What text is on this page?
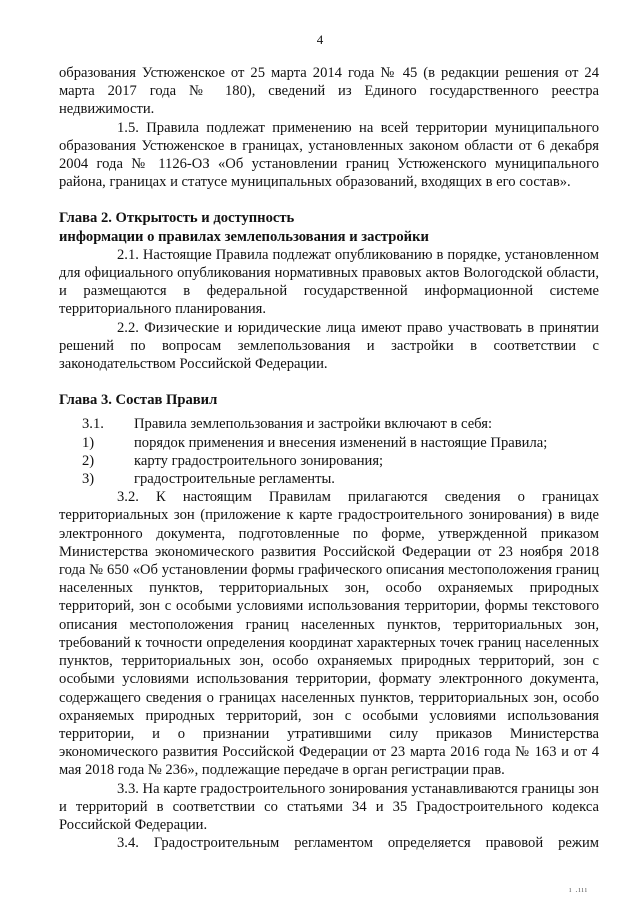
4

образования Устюженское от 25 марта 2014 года № 45 (в редакции решения от 24 марта 2017 года № 180), сведений из Единого государственного реестра недвижимости.

1.5. Правила подлежат применению на всей территории муниципального образования Устюженское в границах, установленных законом области от 6 декабря 2004 года № 1126-ОЗ «Об установлении границ Устюженского муниципального района, границах и статусе муниципальных образований, входящих в его состав».

Глава 2. Открытость и доступность

информации о правилах землепользования и застройки

2.1. Настоящие Правила подлежат опубликованию в порядке, установленном для официального опубликования нормативных правовых актов Вологодской области, и размещаются в федеральной государственной информационной системе территориального планирования.

2.2. Физические и юридические лица имеют право участвовать в принятии решений по вопросам землепользования и застройки в соответствии с законодательством Российской Федерации.

Глава 3. Состав Правил

3.1.	Правила землепользования и застройки включают в себя:
1)	порядок применения и внесения изменений в настоящие Правила;
2)	карту градостроительного зонирования;
3)	градостроительные регламенты.

3.2. К настоящим Правилам прилагаются сведения о границах территориальных зон (приложение к карте градостроительного зонирования) в виде электронного документа, подготовленные по форме, утвержденной приказом Министерства экономического развития Российской Федерации от 23 ноября 2018 года № 650 «Об установлении формы графического описания местоположения границ населенных пунктов, территориальных зон, особо охраняемых природных территорий, зон с особыми условиями использования территории, формы текстового описания местоположения границ населенных пунктов, территориальных зон, требований к точности определения координат характерных точек границ населенных пунктов, территориальных зон, особо охраняемых природных территорий, зон с особыми условиями использования территории, формату электронного документа, содержащего сведения о границах населенных пунктов, территориальных зон, особо охраняемых природных территорий, зон с особыми условиями использования территории, и о признании утратившими силу приказов Министерства экономического развития Российской Федерации от 23 марта 2016 года № 163 и от 4 мая 2018 года № 236», подлежащие передаче в орган регистрации прав.

3.3. На карте градостроительного зонирования устанавливаются границы зон и территорий в соответствии со статьями 34 и 35 Градостроительного кодекса Российской Федерации.

3.4. Градостроительным регламентом определяется правовой режим

ı .ııı
